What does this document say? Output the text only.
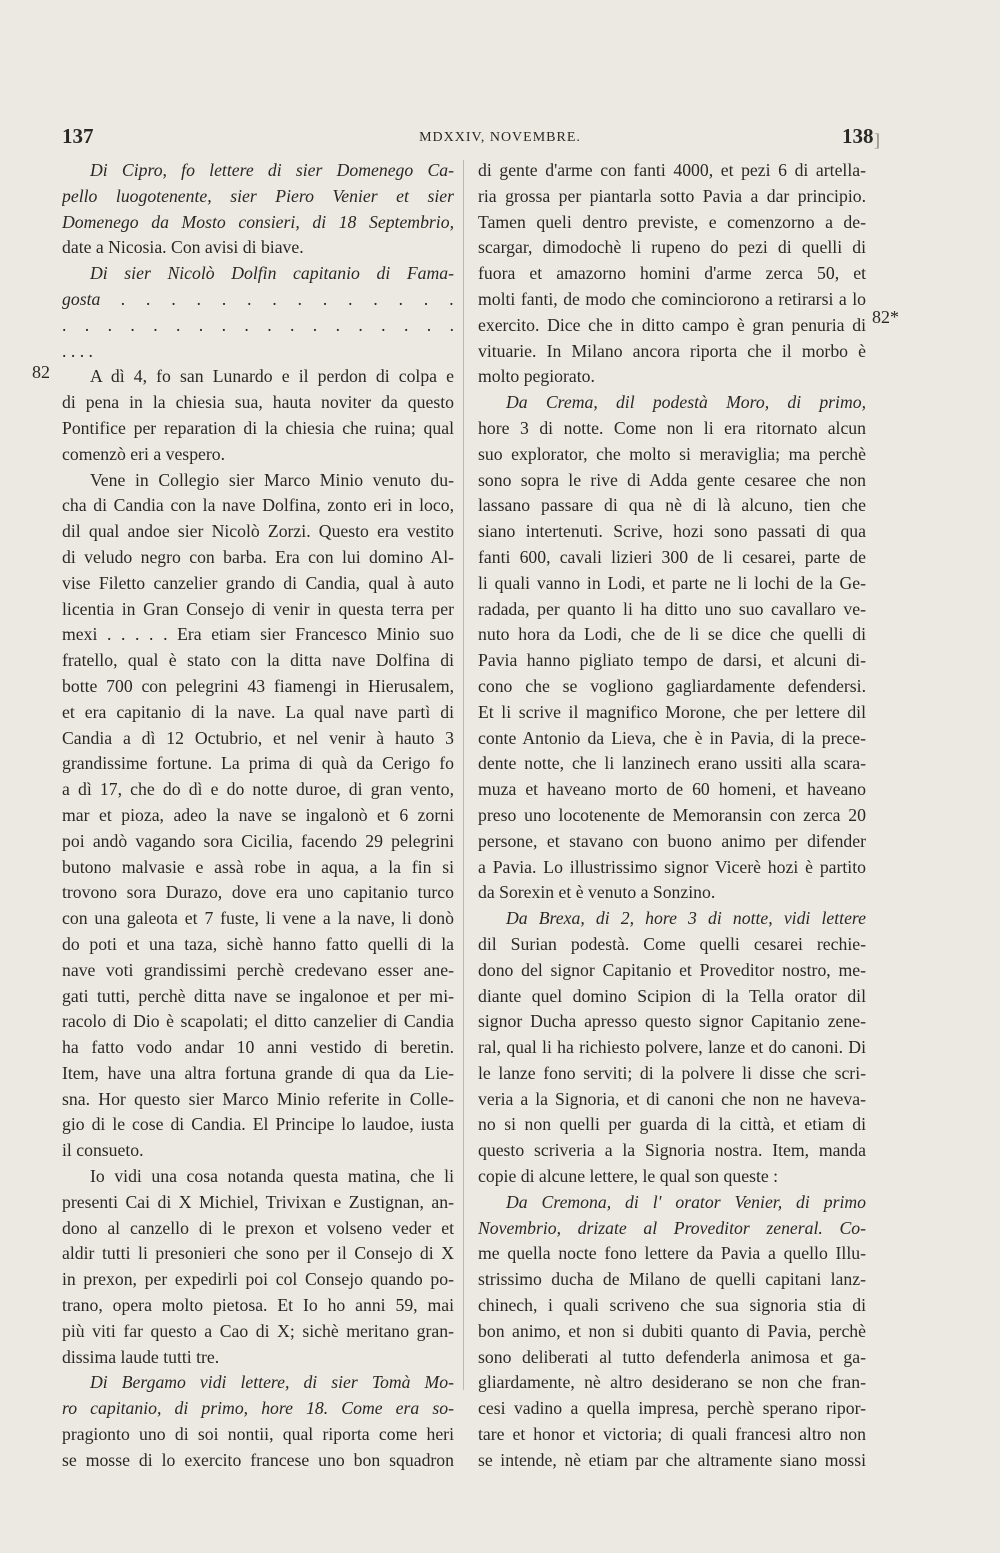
137	MDXXIV, NOVEMBRE.	138 ]
82
82*
Di Cipro, fo lettere di sier Domenego Ca-
pello luogotenente, sier Piero Venier et sier
Domenego da Mosto consieri, di 18 Septembrio,
date a Nicosia. Con avisi di biave.
Di sier Nicolò Dolfin capitanio di Fama-
gosta . . . . . . . . . . . . . .
. . . . . . . . . . . . . . . . . .
. . . .
A dì 4, fo san Lunardo e il perdon di colpa e
di pena in la chiesia sua, hauta noviter da questo
Pontifice per reparation di la chiesia che ruina; qual
comenzò eri a vespero.
Vene in Collegio sier Marco Minio venuto du-
cha di Candia con la nave Dolfina, zonto eri in loco,
dil qual andoe sier Nicolò Zorzi. Questo era vestito
di veludo negro con barba. Era con lui domino Al-
vise Filetto canzelier grando di Candia, qual à auto
licentia in Gran Consejo di venir in questa terra per
mexi . . . . . Era etiam sier Francesco Minio suo
fratello, qual è stato con la ditta nave Dolfina di
botte 700 con pelegrini 43 fiamengi in Hierusalem,
et era capitanio di la nave. La qual nave partì di
Candia a dì 12 Octubrio, et nel venir à hauto 3
grandissime fortune. La prima di quà da Cerigo fo
a dì 17, che do dì e do notte duroe, di gran vento,
mar et pioza, adeo la nave se ingalonò et 6 zorni
poi andò vagando sora Cicilia, facendo 29 pelegrini
butono malvasie e assà robe in aqua, a la fin si
trovono sora Durazo, dove era uno capitanio turco
con una galeota et 7 fuste, li vene a la nave, li donò
do poti et una taza, sichè hanno fatto quelli di la
nave voti grandissimi perchè credevano esser ane-
gati tutti, perchè ditta nave se ingalonoe et per mi-
racolo di Dio è scapolati; el ditto canzelier di Candia
ha fatto vodo andar 10 anni vestido di beretin.
Item, have una altra fortuna grande di qua da Lie-
sna. Hor questo sier Marco Minio referite in Colle-
gio di le cose di Candia. El Principe lo laudoe, iusta
il consueto.
Io vidi una cosa notanda questa matina, che li
presenti Cai di X Michiel, Trivixan e Zustignan, an-
dono al canzello di le prexon et volseno veder et
aldir tutti li presonieri che sono per il Consejo di X
in prexon, per expedirli poi col Consejo quando po-
trano, opera molto pietosa. Et Io ho anni 59, mai
più viti far questo a Cao di X; sichè meritano gran-
dissima laude tutti tre.
Di Bergamo vidi lettere, di sier Tomà Mo-
ro capitanio, di primo, hore 18. Come era so-
pragionto uno di soi nontii, qual riporta come heri
se mosse di lo exercito francese uno bon squadron
di gente d'arme con fanti 4000, et pezi 6 di artella-
ria grossa per piantarla sotto Pavia a dar principio.
Tamen queli dentro previste, e comenzorno a de-
scargar, dimodochè li rupeno do pezi di quelli di
fuora et amazorno homini d'arme zerca 50, et
molti fanti, de modo che cominciorono a retirarsi a lo
exercito. Dice che in ditto campo è gran penuria di
vituarie. In Milano ancora riporta che il morbo è
molto pegiorato.
Da Crema, dil podestà Moro, di primo,
hore 3 di notte. Come non li era ritornato alcun
suo explorator, che molto si meraviglia; ma perchè
sono sopra le rive di Adda gente cesaree che non
lassano passare di qua nè di là alcuno, tien che
siano intertenuti. Scrive, hozi sono passati di qua
fanti 600, cavali lizieri 300 de li cesarei, parte de
li quali vanno in Lodi, et parte ne li lochi de la Ge-
radada, per quanto li ha ditto uno suo cavallaro ve-
nuto hora da Lodi, che de li se dice che quelli di
Pavia hanno pigliato tempo de darsi, et alcuni di-
cono che se vogliono gagliardamente defendersi.
Et li scrive il magnifico Morone, che per lettere dil
conte Antonio da Lieva, che è in Pavia, di la prece-
dente notte, che li lanzinech erano ussiti alla scara-
muza et haveano morto de 60 homeni, et haveano
preso uno locotenente de Memoransin con zerca 20
persone, et stavano con buono animo per difender
a Pavia. Lo illustrissimo signor Vicerè hozi è partito
da Sorexin et è venuto a Sonzino.
Da Brexa, di 2, hore 3 di notte, vidi lettere
dil Surian podestà. Come quelli cesarei rechie-
dono del signor Capitanio et Proveditor nostro, me-
diante quel domino Scipion di la Tella orator dil
signor Ducha apresso questo signor Capitanio zene-
ral, qual li ha richiesto polvere, lanze et do canoni. Di
le lanze fono serviti; di la polvere li disse che scri-
veria a la Signoria, et di canoni che non ne haveva-
no si non quelli per guarda di la città, et etiam di
questo scriveria a la Signoria nostra. Item, manda
copie di alcune lettere, le qual son queste :
Da Cremona, di l' orator Venier, di primo
Novembrio, drizate al Proveditor zeneral. Co-
me quella nocte fono lettere da Pavia a quello Illu-
strissimo ducha de Milano de quelli capitani lanz-
chinech, i quali scriveno che sua signoria stia di
bon animo, et non si dubiti quanto di Pavia, perchè
sono deliberati al tutto defenderla animosa et ga-
gliardamente, nè altro desiderano se non che fran-
cesi vadino a quella impresa, perchè sperano ripor-
tare et honor et victoria; di quali francesi altro non
se intende, nè etiam par che altramente siano mossi
